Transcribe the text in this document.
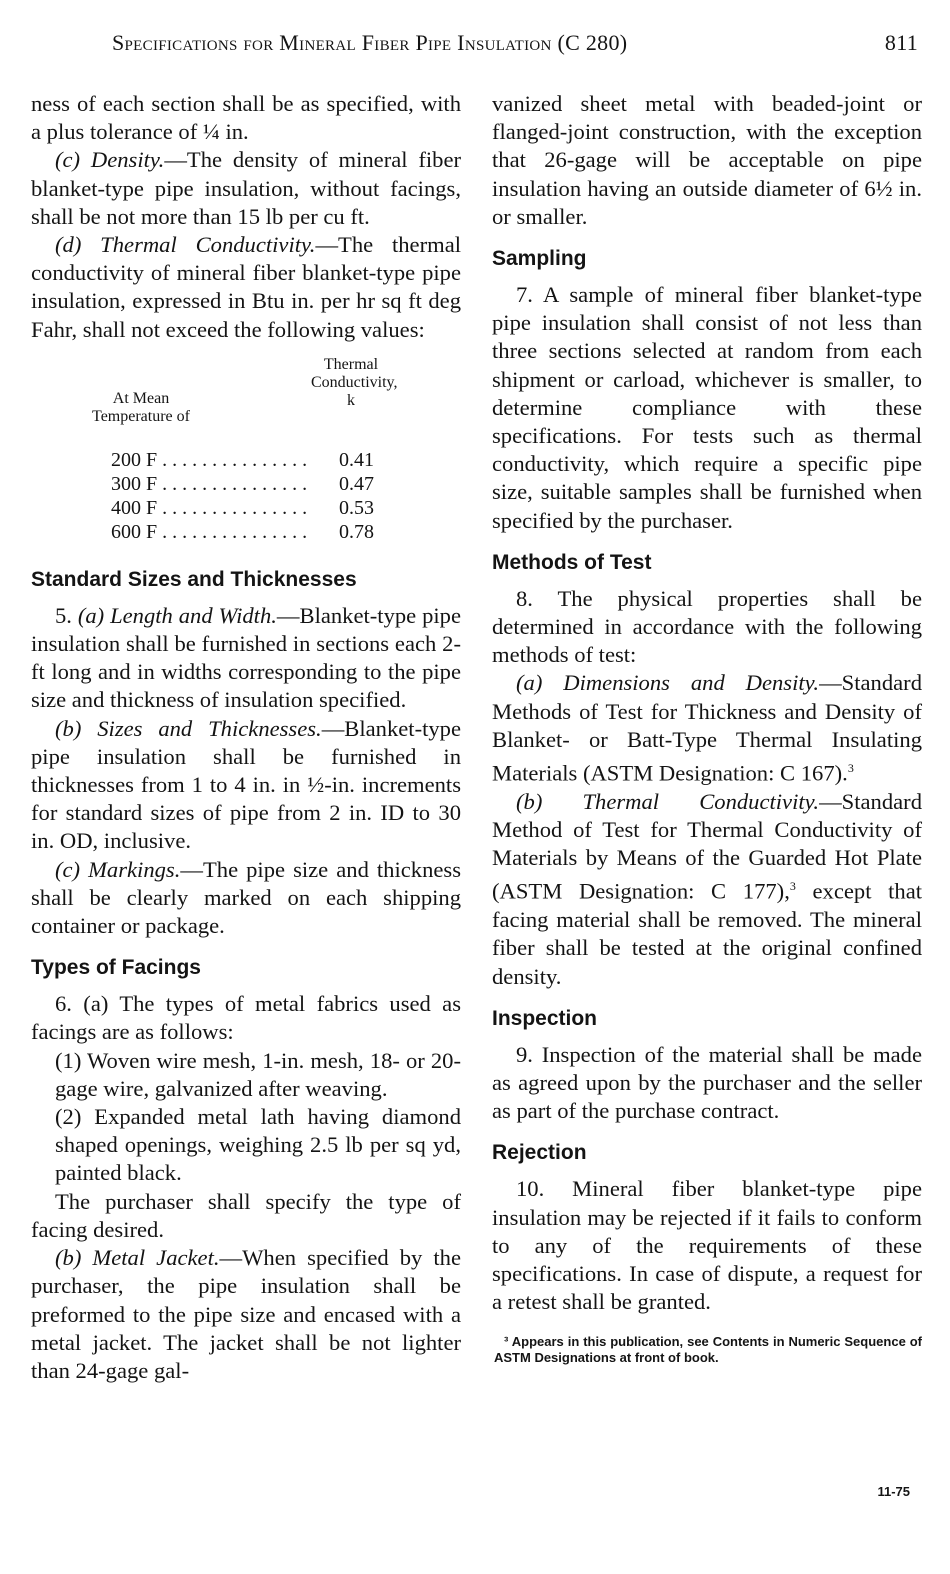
Specifications for Mineral Fiber Pipe Insulation (C 280)	811

ness of each section shall be as specified, with a plus tolerance of ¼ in.

(c) Density.—The density of mineral fiber blanket-type pipe insulation, without facings, shall be not more than 15 lb per cu ft.

(d) Thermal Conductivity.—The thermal conductivity of mineral fiber blanket-type pipe insulation, expressed in Btu in. per hr sq ft deg Fahr, shall not exceed the following values:

Thermal Conductivity, k
At Mean Temperature of
200 F . . . . . . . . . . . . . . . 0.41
300 F . . . . . . . . . . . . . . . 0.47
400 F . . . . . . . . . . . . . . . 0.53
600 F . . . . . . . . . . . . . . . 0.78
Standard Sizes and Thicknesses

5. (a) Length and Width.—Blanket-type pipe insulation shall be furnished in sections each 2-ft long and in widths corresponding to the pipe size and thickness of insulation specified.

(b) Sizes and Thicknesses.—Blanket-type pipe insulation shall be furnished in thicknesses from 1 to 4 in. in ½-in. increments for standard sizes of pipe from 2 in. ID to 30 in. OD, inclusive.

(c) Markings.—The pipe size and thickness shall be clearly marked on each shipping container or package.

Types of Facings

6. (a) The types of metal fabrics used as facings are as follows:

(1) Woven wire mesh, 1-in. mesh, 18- or 20-gage wire, galvanized after weaving.

(2) Expanded metal lath having diamond shaped openings, weighing 2.5 lb per sq yd, painted black.

The purchaser shall specify the type of facing desired.

(b) Metal Jacket.—When specified by the purchaser, the pipe insulation shall be preformed to the pipe size and encased with a metal jacket. The jacket shall be not lighter than 24-gage gal-

vanized sheet metal with beaded-joint or flanged-joint construction, with the exception that 26-gage will be acceptable on pipe insulation having an outside diameter of 6½ in. or smaller.

Sampling

7. A sample of mineral fiber blanket-type pipe insulation shall consist of not less than three sections selected at random from each shipment or carload, whichever is smaller, to determine compliance with these specifications. For tests such as thermal conductivity, which require a specific pipe size, suitable samples shall be furnished when specified by the purchaser.

Methods of Test

8. The physical properties shall be determined in accordance with the following methods of test:

(a) Dimensions and Density.—Standard Methods of Test for Thickness and Density of Blanket- or Batt-Type Thermal Insulating Materials (ASTM Designation: C 167).$^3$

(b) Thermal Conductivity.—Standard Method of Test for Thermal Conductivity of Materials by Means of the Guarded Hot Plate (ASTM Designation: C 177),$^3$ except that facing material shall be removed. The mineral fiber shall be tested at the original confined density.

Inspection

9. Inspection of the material shall be made as agreed upon by the purchaser and the seller as part of the purchase contract.

Rejection

10. Mineral fiber blanket-type pipe insulation may be rejected if it fails to conform to any of the requirements of these specifications. In case of dispute, a request for a retest shall be granted.

³ Appears in this publication, see Contents in Numeric Sequence of ASTM Designations at front of book.

11-75
